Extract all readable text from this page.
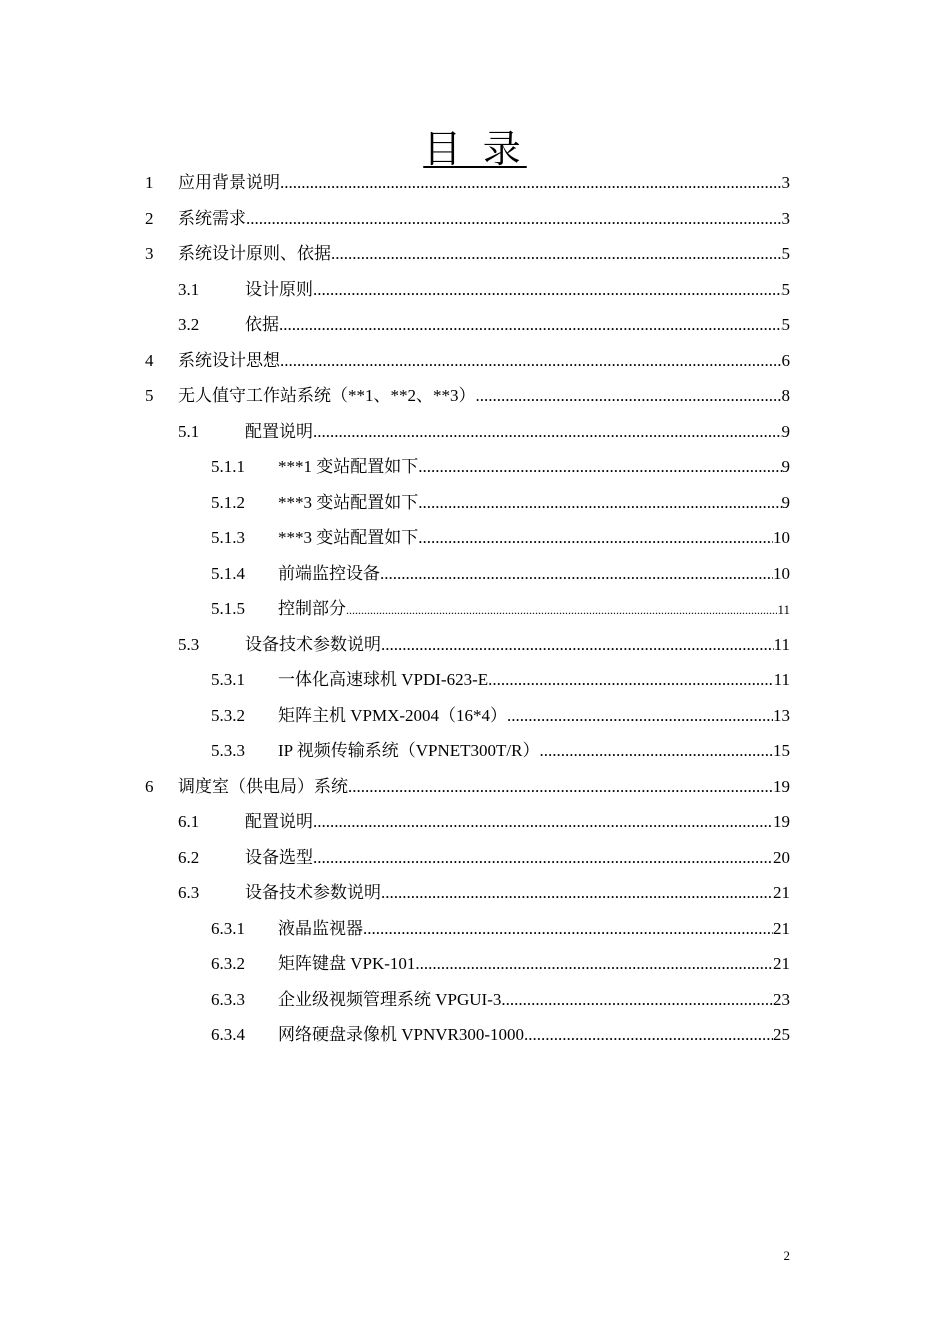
目 录
1	应用背景说明 .....	3
2	系统需求 .....	3
3	系统设计原则、依据 .....	5
3.1	设计原则 .....	5
3.2	依据 .....	5
4	系统设计思想 .....	6
5	无人值守工作站系统（**1、**2、**3） .....	8
5.1	配置说明 .....	9
5.1.1	***1 变站配置如下 .....	9
5.1.2	***3 变站配置如下 .....	9
5.1.3	***3 变站配置如下 .....	10
5.1.4	前端监控设备 .....	10
5.1.5	控制部分 .....	11
5.3	设备技术参数说明 .....	11
5.3.1	一体化高速球机 VPDI-623-E .....	11
5.3.2	矩阵主机 VPMX-2004（16*4） .....	13
5.3.3	IP 视频传输系统（VPNET300T/R） .....	15
6	调度室（供电局）系统 .....	19
6.1	配置说明 .....	19
6.2	设备选型 .....	20
6.3	设备技术参数说明 .....	21
6.3.1	液晶监视器 .....	21
6.3.2	矩阵键盘 VPK-101 .....	21
6.3.3	企业级视频管理系统 VPGUI-3 .....	23
6.3.4	网络硬盘录像机 VPNVR300-1000 .....	25
2
